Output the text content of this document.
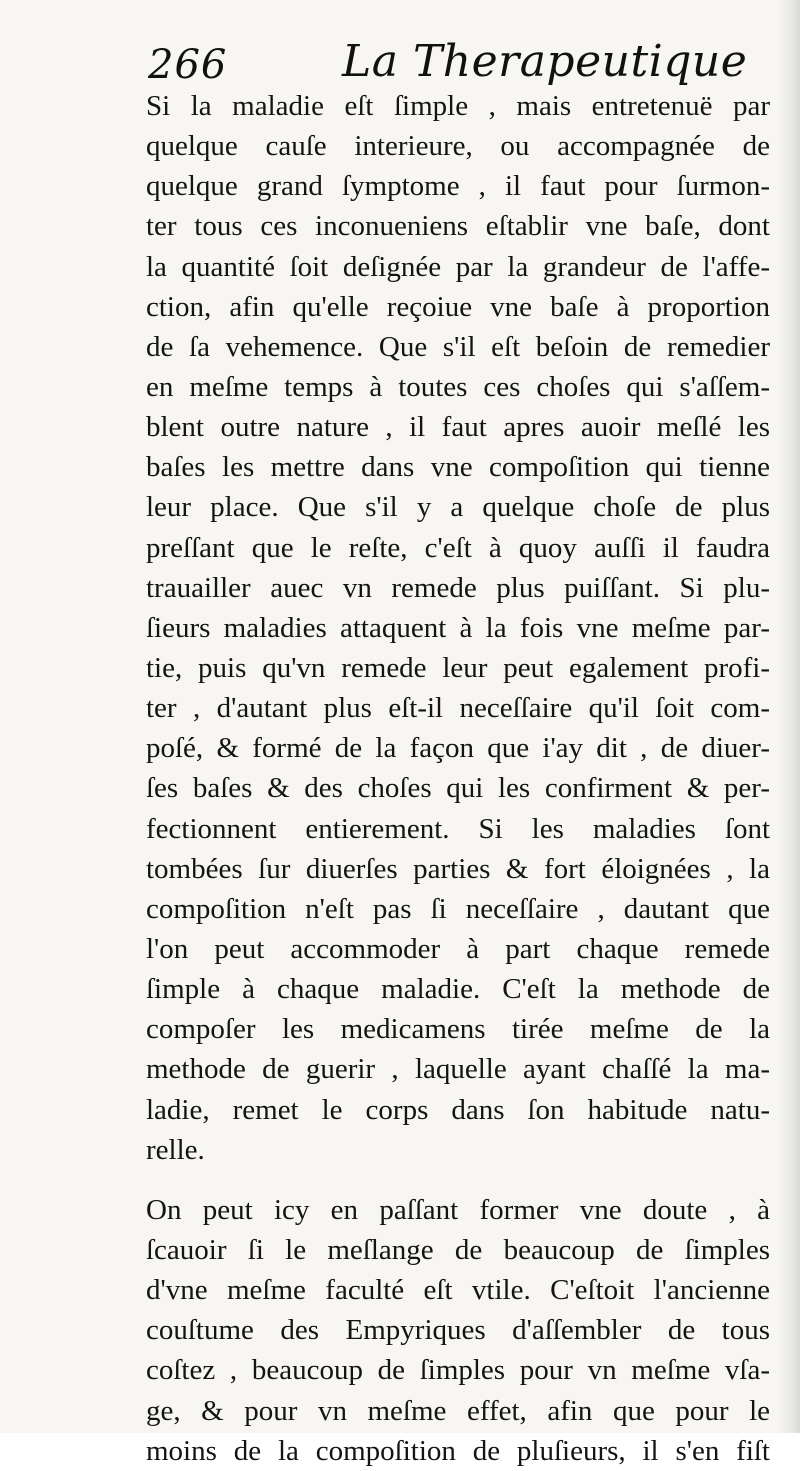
266	La Therapeutique
Si la maladie eſt ſimple , mais entretenuë par
quelque cauſe interieure, ou accompagnée de
quelque grand ſymptome , il faut pour ſurmon-
ter tous ces inconueniens eſtablir vne baſe, dont
la quantité ſoit deſignée par la grandeur de l'affe-
ction, afin qu'elle reçoiue vne baſe à proportion
de ſa vehemence. Que s'il eſt beſoin de remedier
en meſme temps à toutes ces choſes qui s'aſſem-
blent outre nature , il faut apres auoir meſlé les
baſes les mettre dans vne compoſition qui tienne
leur place. Que s'il y a quelque choſe de plus
preſſant que le reſte, c'eſt à quoy auſſi il faudra
trauailler auec vn remede plus puiſſant. Si plu-
ſieurs maladies attaquent à la fois vne meſme par-
tie, puis qu'vn remede leur peut egalement profi-
ter , d'autant plus eſt-il neceſſaire qu'il ſoit com-
poſé, & formé de la façon que i'ay dit , de diuer-
ſes baſes & des choſes qui les confirment & per-
fectionnent entierement. Si les maladies ſont
tombées ſur diuerſes parties & fort éloignées , la
compoſition n'eſt pas ſi neceſſaire , dautant que
l'on peut accommoder à part chaque remede
ſimple à chaque maladie. C'eſt la methode de
compoſer les medicamens tirée meſme de la
methode de guerir , laquelle ayant chaſſé la ma-
ladie, remet le corps dans ſon habitude natu-
relle.
On peut icy en paſſant former vne doute , à
ſcauoir ſi le meſlange de beaucoup de ſimples
d'vne meſme faculté eſt vtile. C'eſtoit l'ancienne
couſtume des Empyriques d'aſſembler de tous
coſtez , beaucoup de ſimples pour vn meſme vſa-
ge, & pour vn meſme effet, afin que pour le
moins de la compoſition de pluſieurs, il s'en fiſt
